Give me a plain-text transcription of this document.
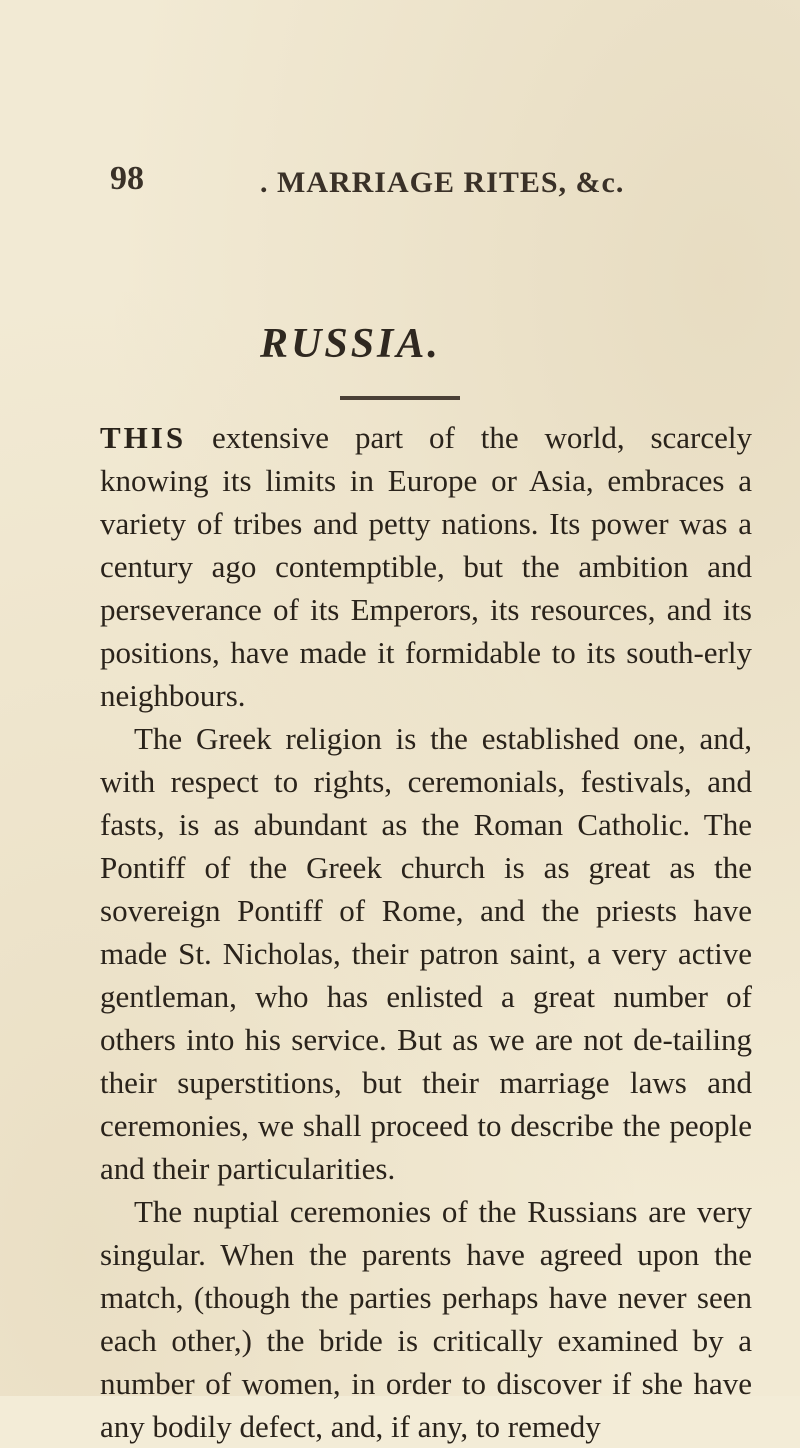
98	. MARRIAGE RITES, &c.
RUSSIA.

THIS extensive part of the world, scarcely knowing its limits in Europe or Asia, embraces a variety of tribes and petty nations. Its power was a century ago contemptible, but the ambition and perseverance of its Emperors, its resources, and its positions, have made it formidable to its south-erly neighbours.

The Greek religion is the established one, and, with respect to rights, ceremonials, festivals, and fasts, is as abundant as the Roman Catholic. The Pontiff of the Greek church is as great as the sovereign Pontiff of Rome, and the priests have made St. Nicholas, their patron saint, a very active gentleman, who has enlisted a great number of others into his service. But as we are not de-tailing their superstitions, but their marriage laws and ceremonies, we shall proceed to describe the people and their particularities.

The nuptial ceremonies of the Russians are very singular. When the parents have agreed upon the match, (though the parties perhaps have never seen each other,) the bride is critically examined by a number of women, in order to discover if she have any bodily defect, and, if any, to remedy
